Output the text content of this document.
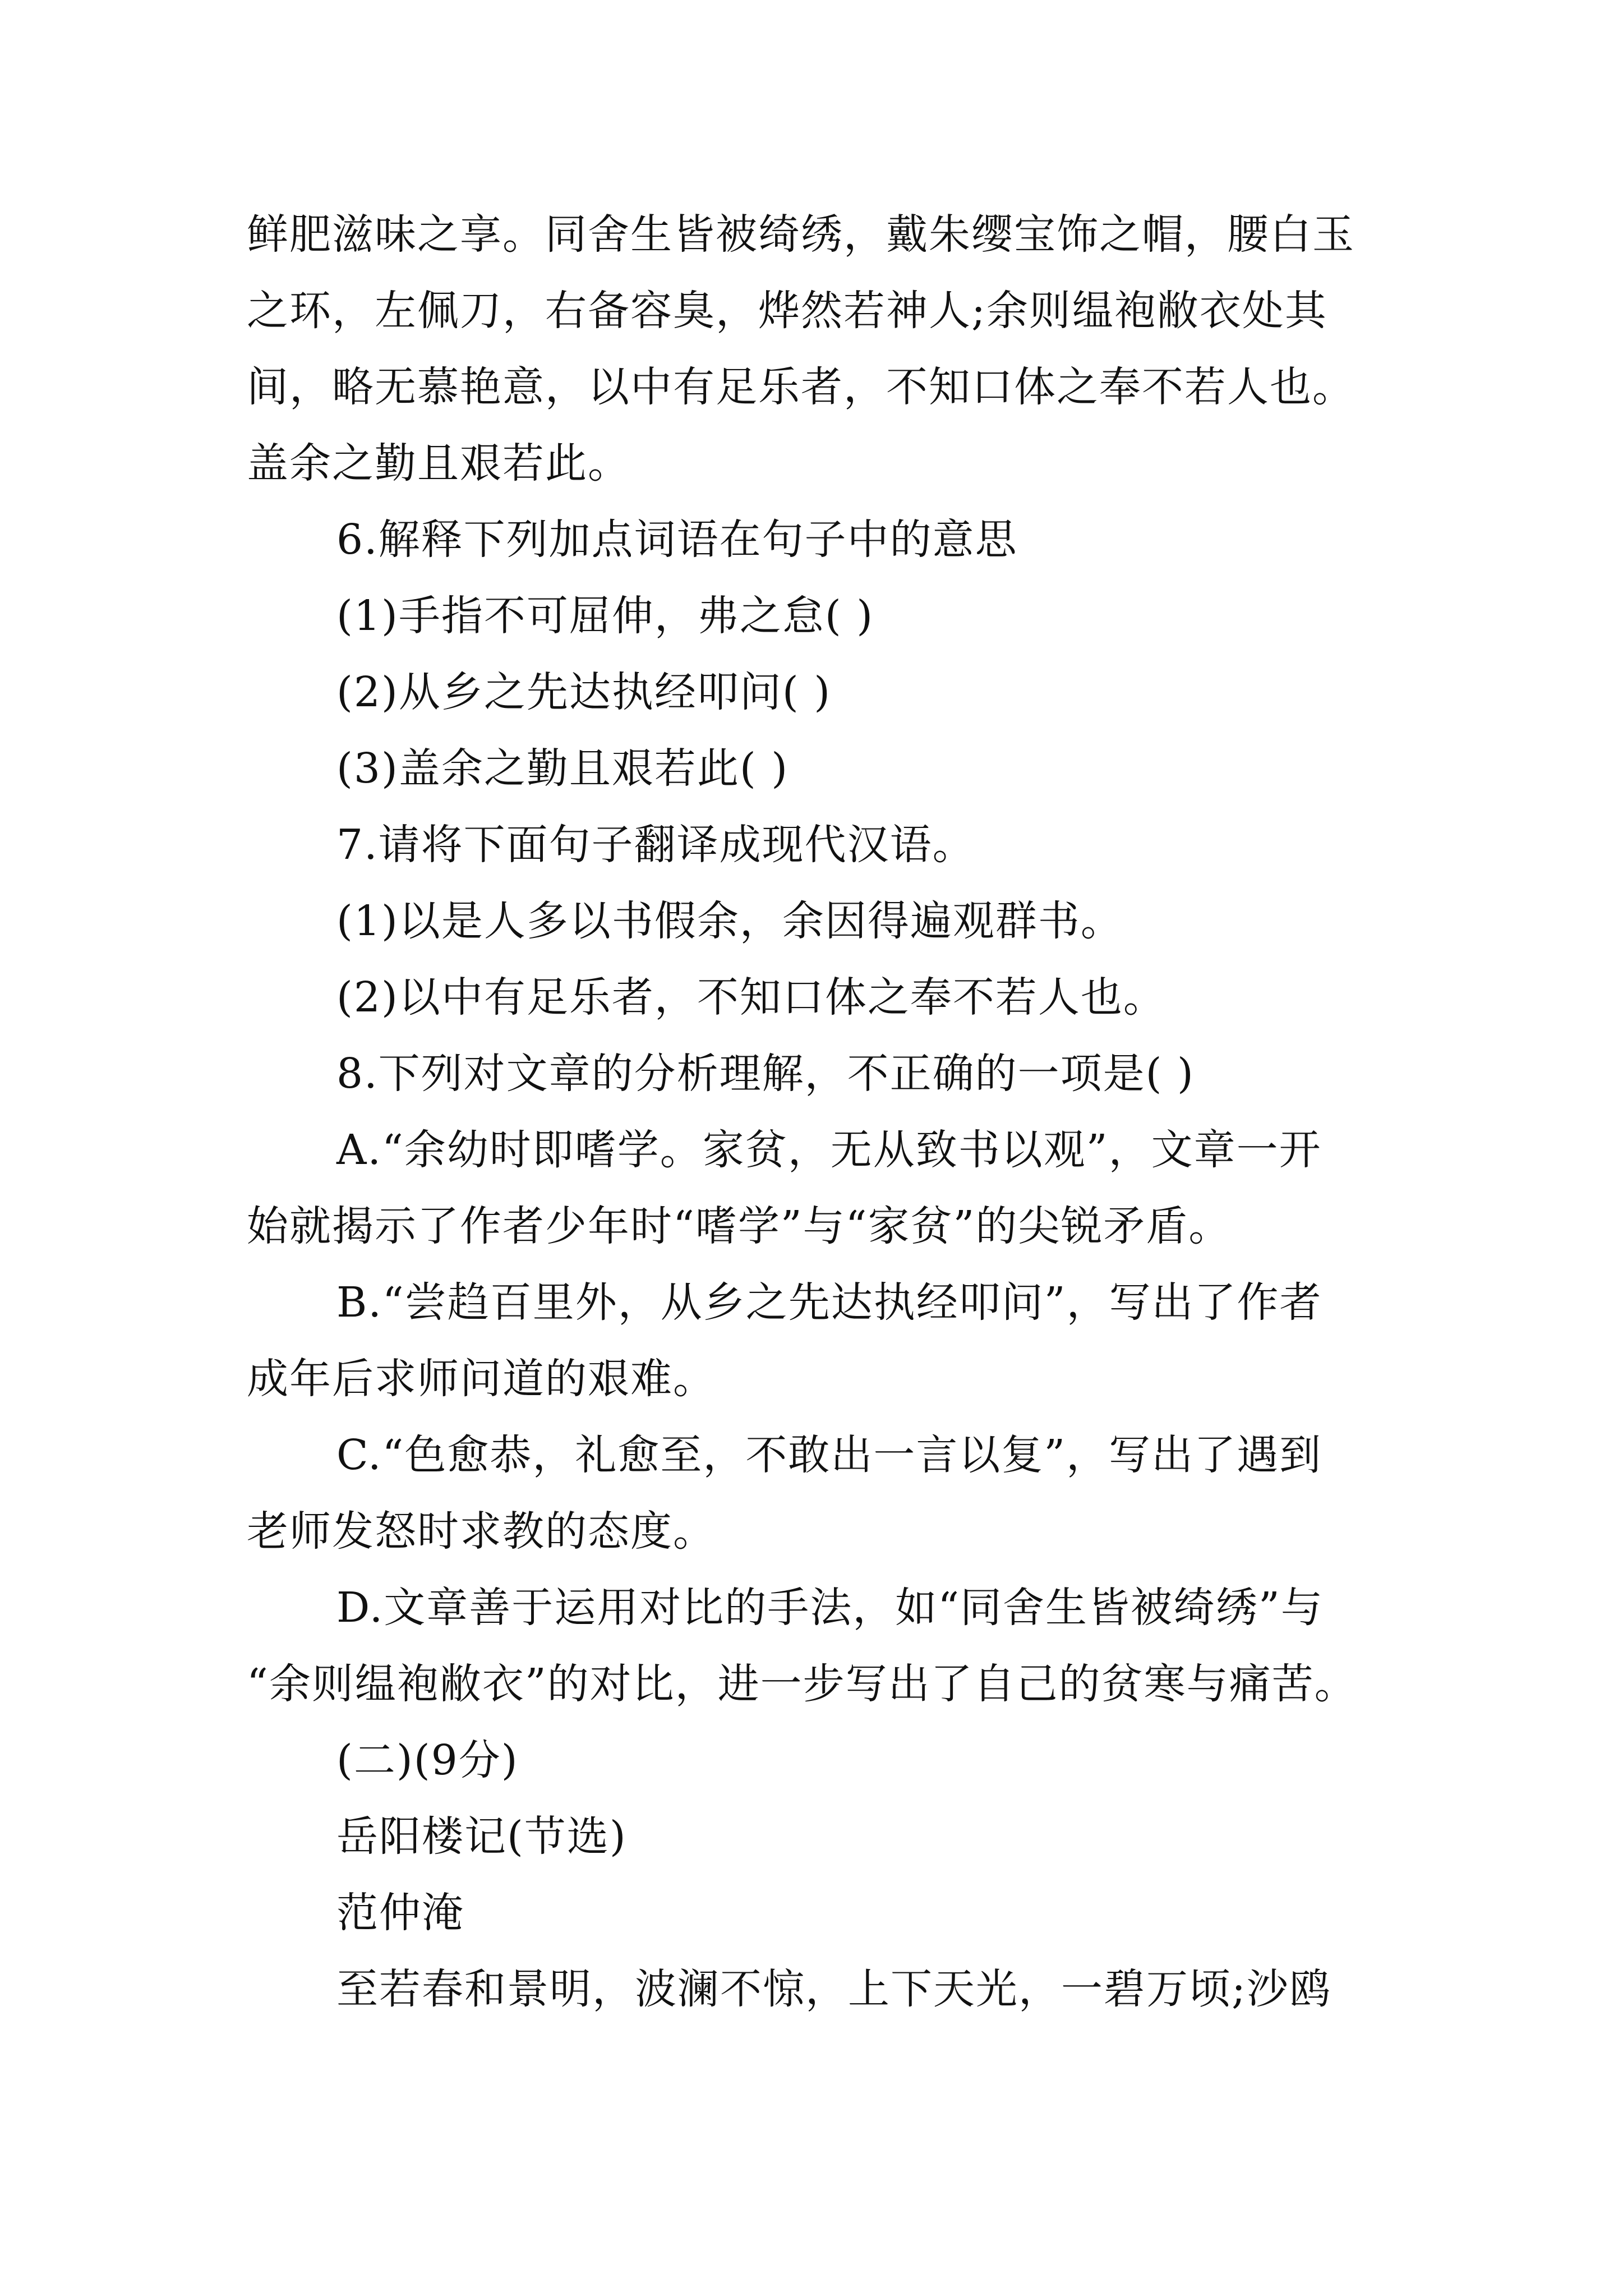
鲜肥滋味之享。同舍生皆被绮绣，戴朱缨宝饰之帽，腰白玉
之环，左佩刀，右备容臭，烨然若神人;余则缊袍敝衣处其
间，略无慕艳意，以中有足乐者，不知口体之奉不若人也。
盖余之勤且艰若此。
6.解释下列加点词语在句子中的意思
(1)手指不可屈伸，弗之怠( )
(2)从乡之先达执经叩问( )
(3)盖余之勤且艰若此( )
7.请将下面句子翻译成现代汉语。
(1)以是人多以书假余，余因得遍观群书。
(2)以中有足乐者，不知口体之奉不若人也。
8.下列对文章的分析理解，不正确的一项是( )
A.“余幼时即嗜学。家贫，无从致书以观”，文章一开
始就揭示了作者少年时“嗜学”与“家贫”的尖锐矛盾。
B.“尝趋百里外，从乡之先达执经叩问”，写出了作者
成年后求师问道的艰难。
C.“色愈恭，礼愈至，不敢出一言以复”，写出了遇到
老师发怒时求教的态度。
D.文章善于运用对比的手法，如“同舍生皆被绮绣”与
“余则缊袍敝衣”的对比，进一步写出了自己的贫寒与痛苦。
(二)(9分)
岳阳楼记(节选)
范仲淹
至若春和景明，波澜不惊，上下天光，一碧万顷;沙鸥
